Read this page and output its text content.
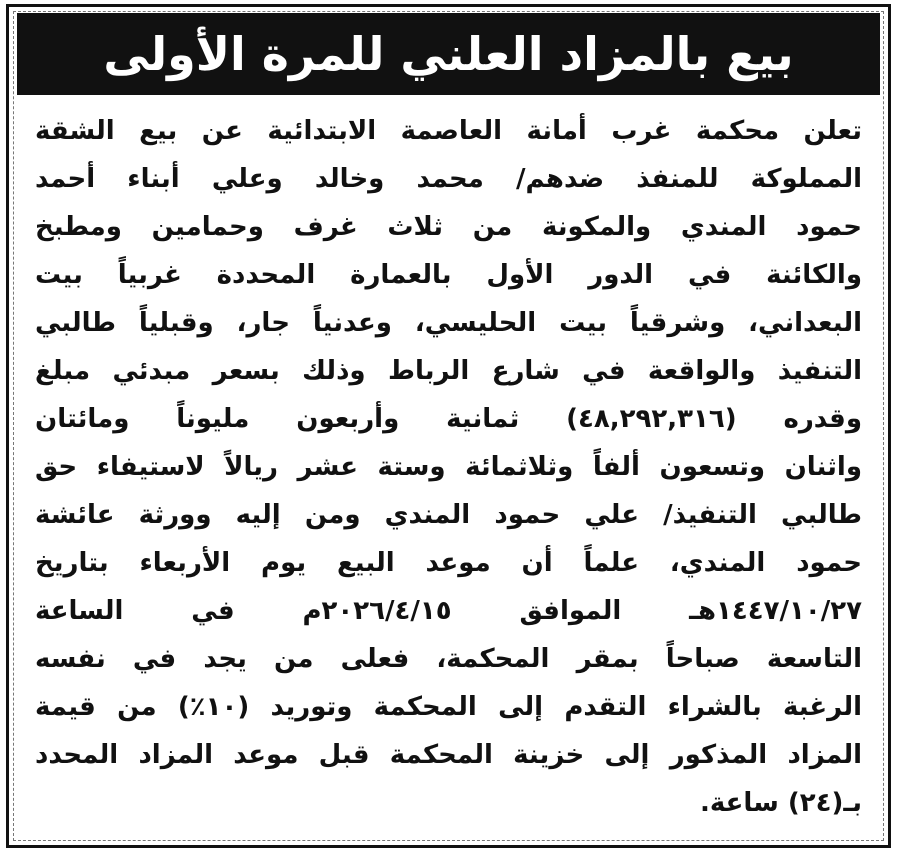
بيع بالمزاد العلني للمرة الأولى
تعلن محكمة غرب أمانة العاصمة الابتدائية عن بيع الشقة
المملوكة للمنفذ ضدهم/ محمد وخالد وعلي أبناء أحمد
حمود المندي والمكونة من ثلاث غرف وحمامين ومطبخ
والكائنة في الدور الأول بالعمارة المحددة غربياً بيت
البعداني، وشرقياً بيت الحليسي، وعدنياً جار، وقبلياً طالبي
التنفيذ والواقعة في شارع الرباط وذلك بسعر مبدئي مبلغ
وقدره (٤٨,٢٩٢,٣١٦) ثمانية وأربعون مليوناً ومائتان
واثنان وتسعون ألفاً وثلاثمائة وستة عشر ريالاً لاستيفاء حق
طالبي التنفيذ/ علي حمود المندي ومن إليه وورثة عائشة
حمود المندي، علماً أن موعد البيع يوم الأربعاء بتاريخ
١٤٤٧/١٠/٢٧هـ الموافق ٢٠٢٦/٤/١٥م في الساعة
التاسعة صباحاً بمقر المحكمة، فعلى من يجد في نفسه
الرغبة بالشراء التقدم إلى المحكمة وتوريد (١٠٪) من قيمة
المزاد المذكور إلى خزينة المحكمة قبل موعد المزاد المحدد
بـ(٢٤) ساعة.
